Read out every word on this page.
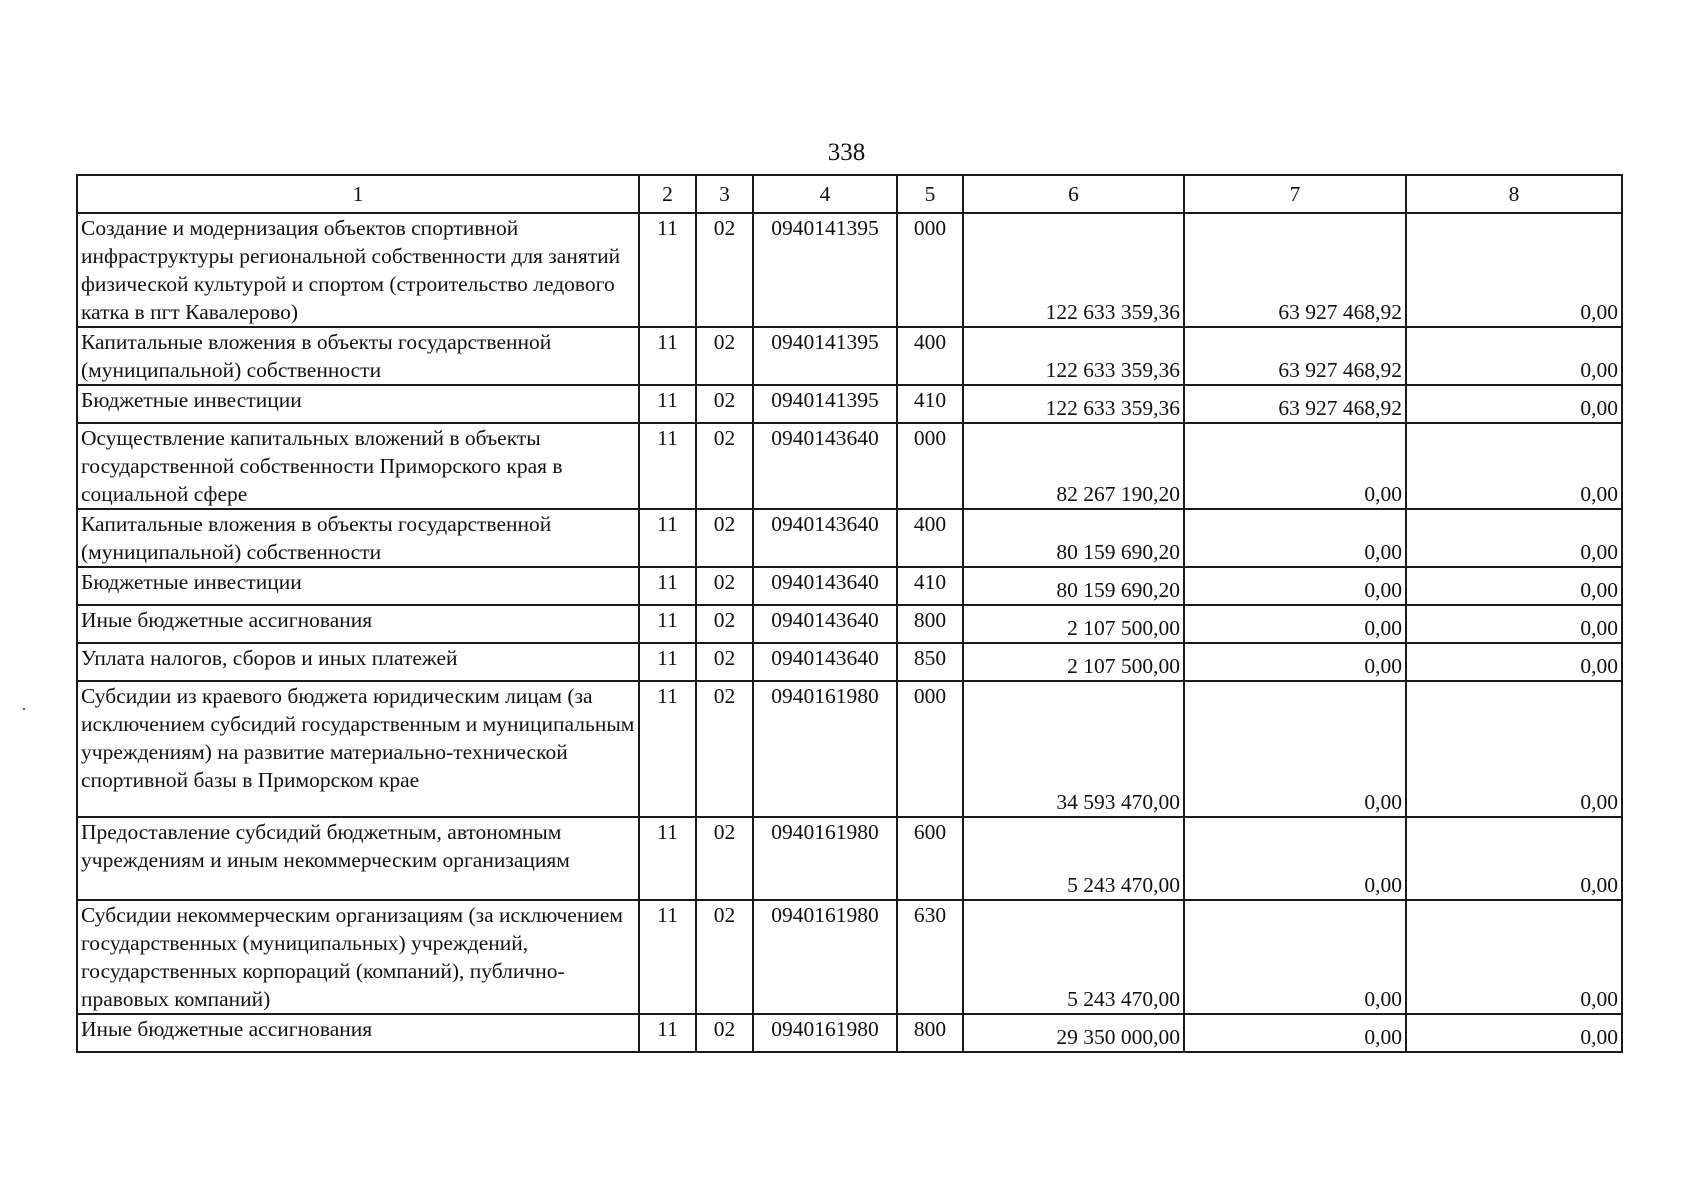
338
1	2	3	4	5	6	7	8
Создание и модернизация объектов спортивной инфраструктуры региональной собственности для занятий физической культурой и спортом (строительство ледового катка в пгт Кавалерово)	11	02	0940141395	000	122 633 359,36	63 927 468,92	0,00
Капитальные вложения в объекты государственной (муниципальной) собственности	11	02	0940141395	400	122 633 359,36	63 927 468,92	0,00
Бюджетные инвестиции	11	02	0940141395	410	122 633 359,36	63 927 468,92	0,00
Осуществление капитальных вложений в объекты государственной собственности Приморского края в социальной сфере	11	02	0940143640	000	82 267 190,20	0,00	0,00
Капитальные вложения в объекты государственной (муниципальной) собственности	11	02	0940143640	400	80 159 690,20	0,00	0,00
Бюджетные инвестиции	11	02	0940143640	410	80 159 690,20	0,00	0,00
Иные бюджетные ассигнования	11	02	0940143640	800	2 107 500,00	0,00	0,00
Уплата налогов, сборов и иных платежей	11	02	0940143640	850	2 107 500,00	0,00	0,00
Субсидии из краевого бюджета юридическим лицам (за исключением субсидий государственным и муниципальным учреждениям) на развитие материально-технической спортивной базы в Приморском крае	11	02	0940161980	000	34 593 470,00	0,00	0,00
Предоставление субсидий бюджетным, автономным учреждениям и иным некоммерческим организациям	11	02	0940161980	600	5 243 470,00	0,00	0,00
Субсидии некоммерческим организациям (за исключением государственных (муниципальных) учреждений, государственных корпораций (компаний), публично-правовых компаний)	11	02	0940161980	630	5 243 470,00	0,00	0,00
Иные бюджетные ассигнования	11	02	0940161980	800	29 350 000,00	0,00	0,00
